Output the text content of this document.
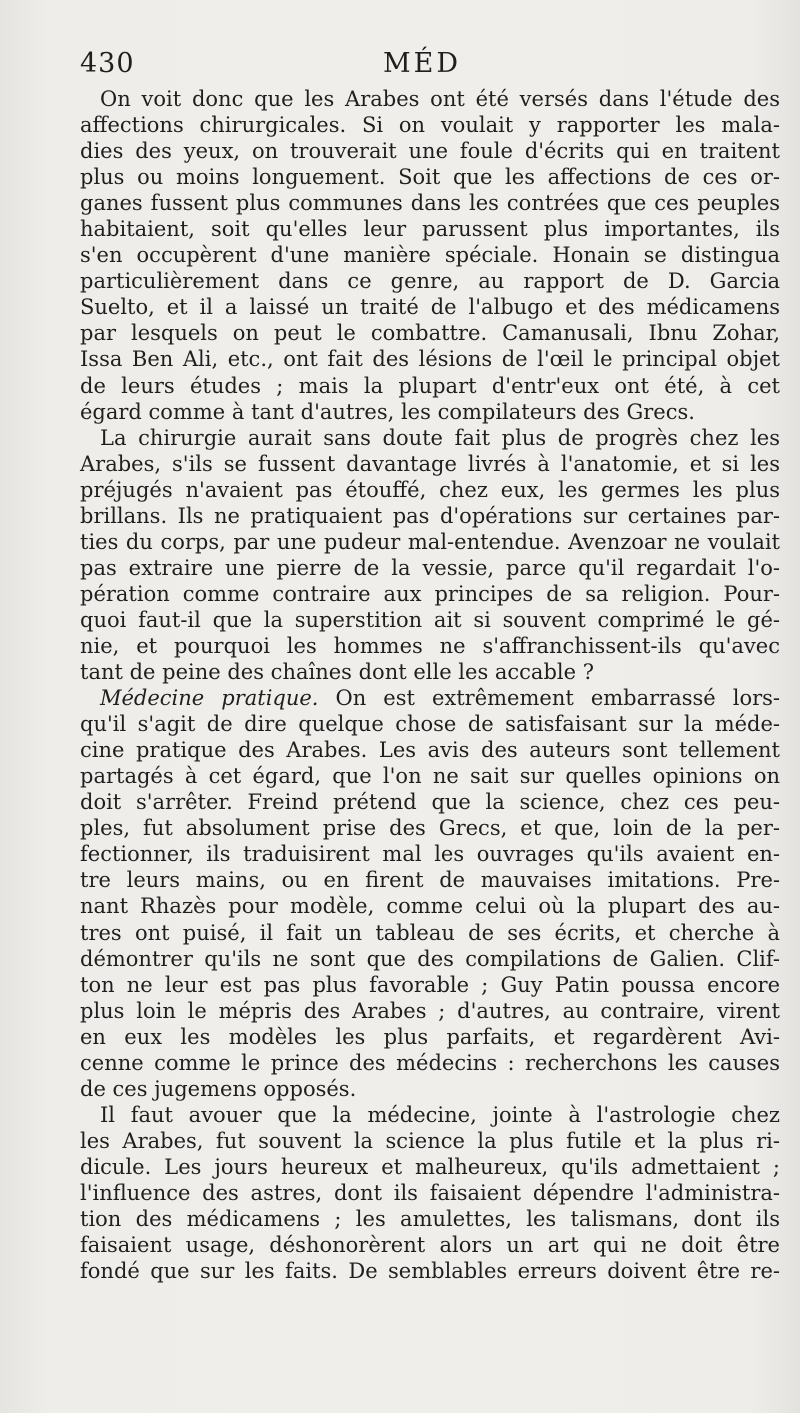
430	MÉD
On voit donc que les Arabes ont été versés dans l'étude des
affections chirurgicales. Si on voulait y rapporter les mala-
dies des yeux, on trouverait une foule d'écrits qui en traitent
plus ou moins longuement. Soit que les affections de ces or-
ganes fussent plus communes dans les contrées que ces peuples
habitaient, soit qu'elles leur parussent plus importantes, ils
s'en occupèrent d'une manière spéciale. Honain se distingua
particulièrement dans ce genre, au rapport de D. Garcia
Suelto, et il a laissé un traité de l'albugo et des médicamens
par lesquels on peut le combattre. Camanusali, Ibnu Zohar,
Issa Ben Ali, etc., ont fait des lésions de l'œil le principal objet
de leurs études ; mais la plupart d'entr'eux ont été, à cet
égard comme à tant d'autres, les compilateurs des Grecs.
La chirurgie aurait sans doute fait plus de progrès chez les
Arabes, s'ils se fussent davantage livrés à l'anatomie, et si les
préjugés n'avaient pas étouffé, chez eux, les germes les plus
brillans. Ils ne pratiquaient pas d'opérations sur certaines par-
ties du corps, par une pudeur mal-entendue. Avenzoar ne voulait
pas extraire une pierre de la vessie, parce qu'il regardait l'o-
pération comme contraire aux principes de sa religion. Pour-
quoi faut-il que la superstition ait si souvent comprimé le gé-
nie, et pourquoi les hommes ne s'affranchissent-ils qu'avec
tant de peine des chaînes dont elle les accable ?
Médecine pratique. On est extrêmement embarrassé lors-
qu'il s'agit de dire quelque chose de satisfaisant sur la méde-
cine pratique des Arabes. Les avis des auteurs sont tellement
partagés à cet égard, que l'on ne sait sur quelles opinions on
doit s'arrêter. Freind prétend que la science, chez ces peu-
ples, fut absolument prise des Grecs, et que, loin de la per-
fectionner, ils traduisirent mal les ouvrages qu'ils avaient en-
tre leurs mains, ou en firent de mauvaises imitations. Pre-
nant Rhazès pour modèle, comme celui où la plupart des au-
tres ont puisé, il fait un tableau de ses écrits, et cherche à
démontrer qu'ils ne sont que des compilations de Galien. Clif-
ton ne leur est pas plus favorable ; Guy Patin poussa encore
plus loin le mépris des Arabes ; d'autres, au contraire, virent
en eux les modèles les plus parfaits, et regardèrent Avi-
cenne comme le prince des médecins : recherchons les causes
de ces jugemens opposés.
Il faut avouer que la médecine, jointe à l'astrologie chez
les Arabes, fut souvent la science la plus futile et la plus ri-
dicule. Les jours heureux et malheureux, qu'ils admettaient ;
l'influence des astres, dont ils faisaient dépendre l'administra-
tion des médicamens ; les amulettes, les talismans, dont ils
faisaient usage, déshonorèrent alors un art qui ne doit être
fondé que sur les faits. De semblables erreurs doivent être re-
